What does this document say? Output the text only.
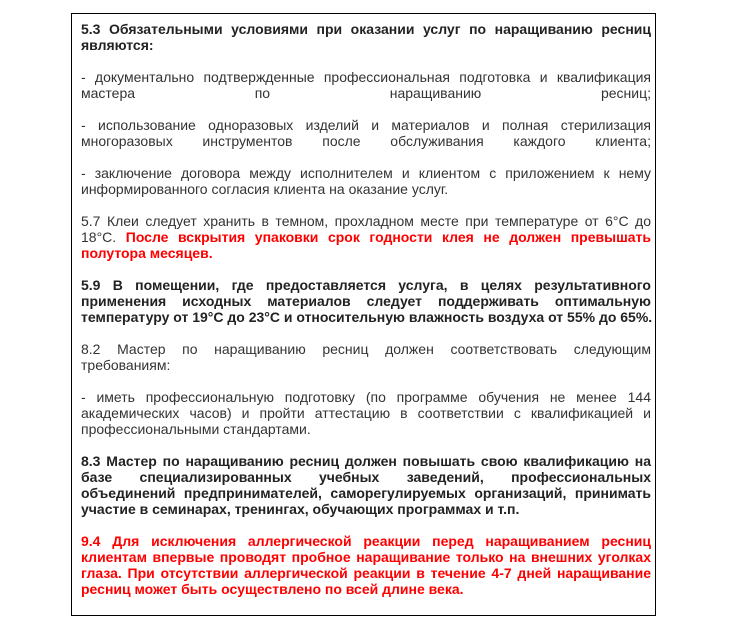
5.3 Обязательными условиями при оказании услуг по наращиванию ресниц
являются:

- документально подтвержденные профессиональная подготовка и квалификация
мастера по наращиванию ресниц;

- использование одноразовых изделий и материалов и полная стерилизация
многоразовых инструментов после обслуживания каждого клиента;

- заключение договора между исполнителем и клиентом с приложением к нему
информированного согласия клиента на оказание услуг.

5.7 Клеи следует хранить в темном, прохладном месте при температуре от 6°С до
18°С. После вскрытия упаковки срок годности клея не должен превышать
полутора месяцев.

5.9 В помещении, где предоставляется услуга, в целях результативного
применения исходных материалов следует поддерживать оптимальную
температуру от 19°С до 23°С и относительную влажность воздуха от 55% до 65%.

8.2 Мастер по наращиванию ресниц должен соответствовать следующим
требованиям:

- иметь профессиональную подготовку (по программе обучения не менее 144
академических часов) и пройти аттестацию в соответствии с квалификацией и
профессиональными стандартами.

8.3 Мастер по наращиванию ресниц должен повышать свою квалификацию на
базе специализированных учебных заведений, профессиональных
объединений предпринимателей, саморегулируемых организаций, принимать
участие в семинарах, тренингах, обучающих программах и т.п.

9.4 Для исключения аллергической реакции перед наращиванием ресниц
клиентам впервые проводят пробное наращивание только на внешних уголках
глаза. При отсутствии аллергической реакции в течение 4-7 дней наращивание
ресниц может быть осуществлено по всей длине века.
